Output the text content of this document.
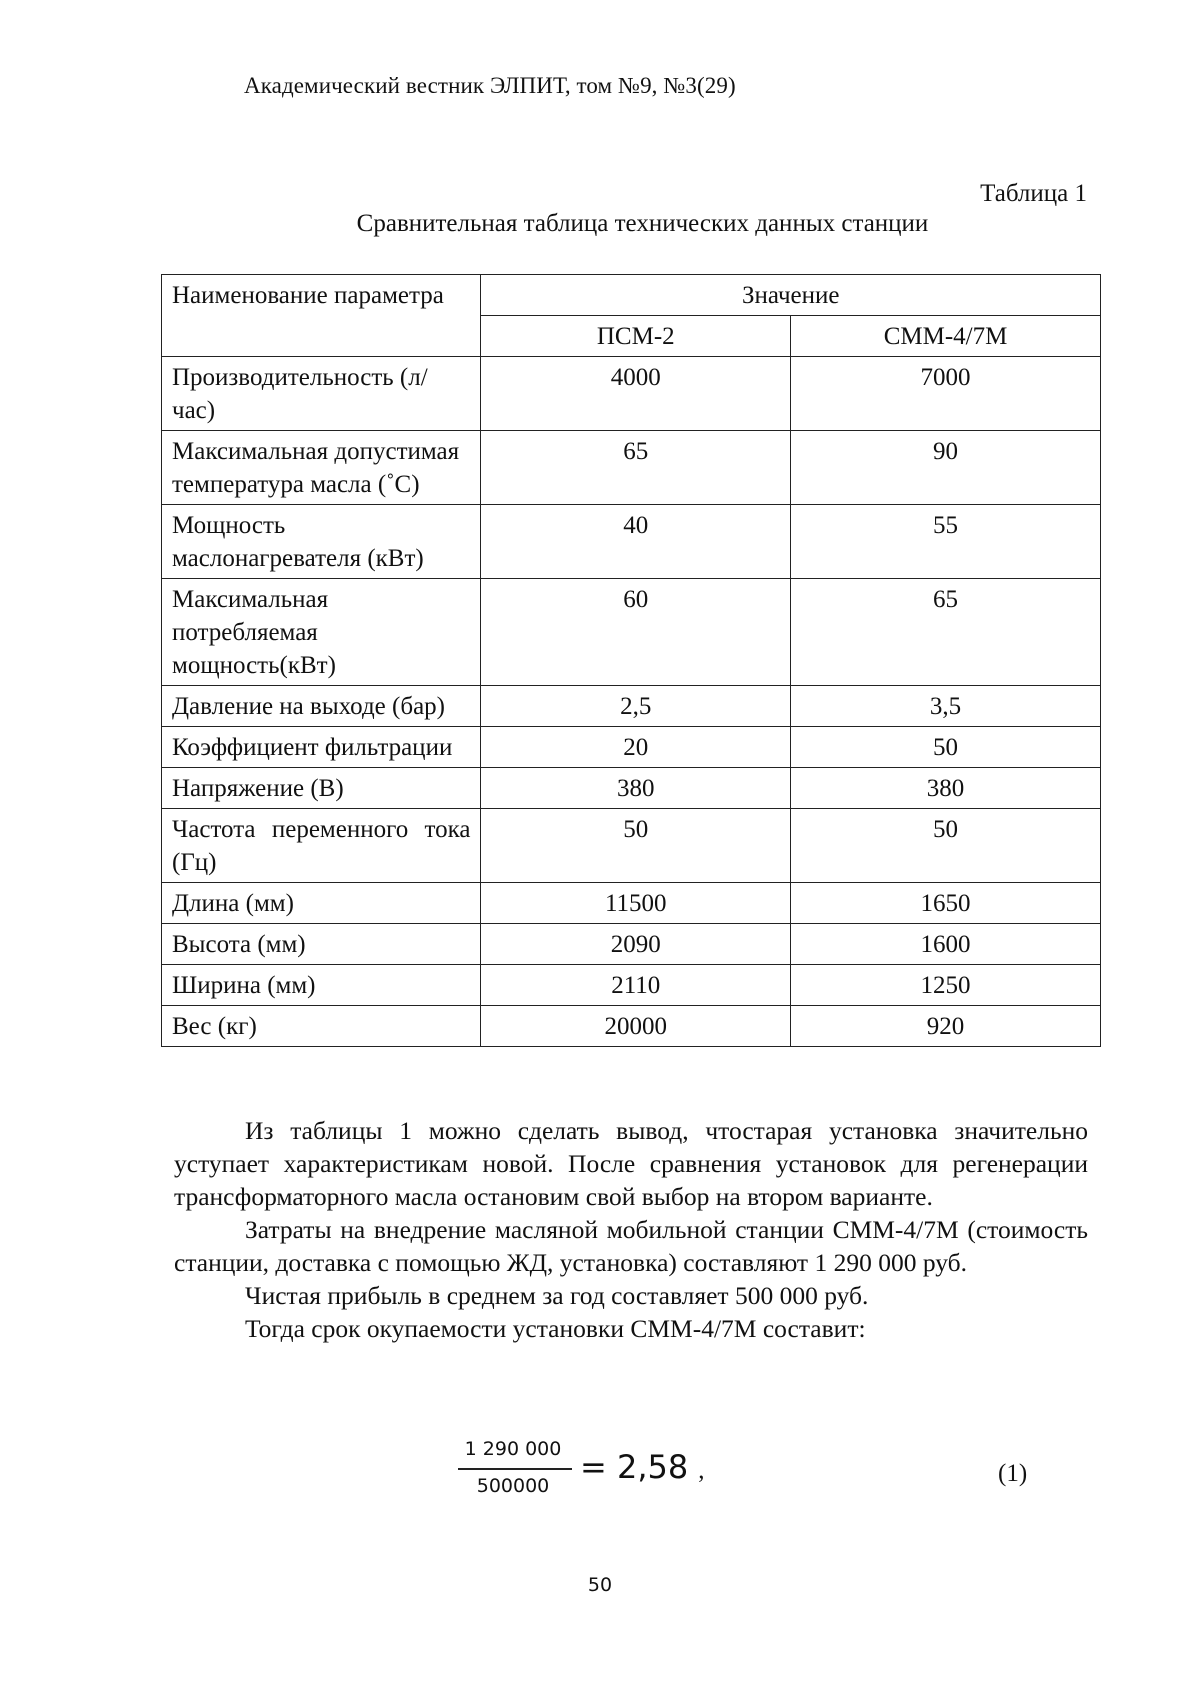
Академический вестник ЭЛПИТ, том №9, №3(29)
Таблица 1
Сравнительная таблица технических данных станции
Наименование параметра	Значение	
	ПСМ-2	СММ-4/7М
Производительность (л/час)	4000	7000
Максимальная допустимая температура масла (˚С)	65	90
Мощность маслонагревателя (кВт)	40	55
Максимальная потребляемая мощность(кВт)	60	65
Давление на выходе (бар)	2,5	3,5
Коэффициент фильтрации	20	50
Напряжение (В)	380	380
Частота переменного тока (Гц)	50	50
Длина (мм)	11500	1650
Высота (мм)	2090	1600
Ширина (мм)	2110	1250
Вес (кг)	20000	920

Из таблицы 1 можно сделать вывод, чтостарая установка значительно уступает характеристикам новой. После сравнения установок для регенерации трансформаторного масла остановим свой выбор на втором варианте.

Затраты на внедрение масляной мобильной станции СММ-4/7М (стоимость станции, доставка с помощью ЖД, установка) составляют 1 290 000 руб.

Чистая прибыль в среднем за год составляет 500 000 руб.

Тогда срок окупаемости установки СММ-4/7М составит:

1 290 000
500000 = 2,58 ,	(1)
50
